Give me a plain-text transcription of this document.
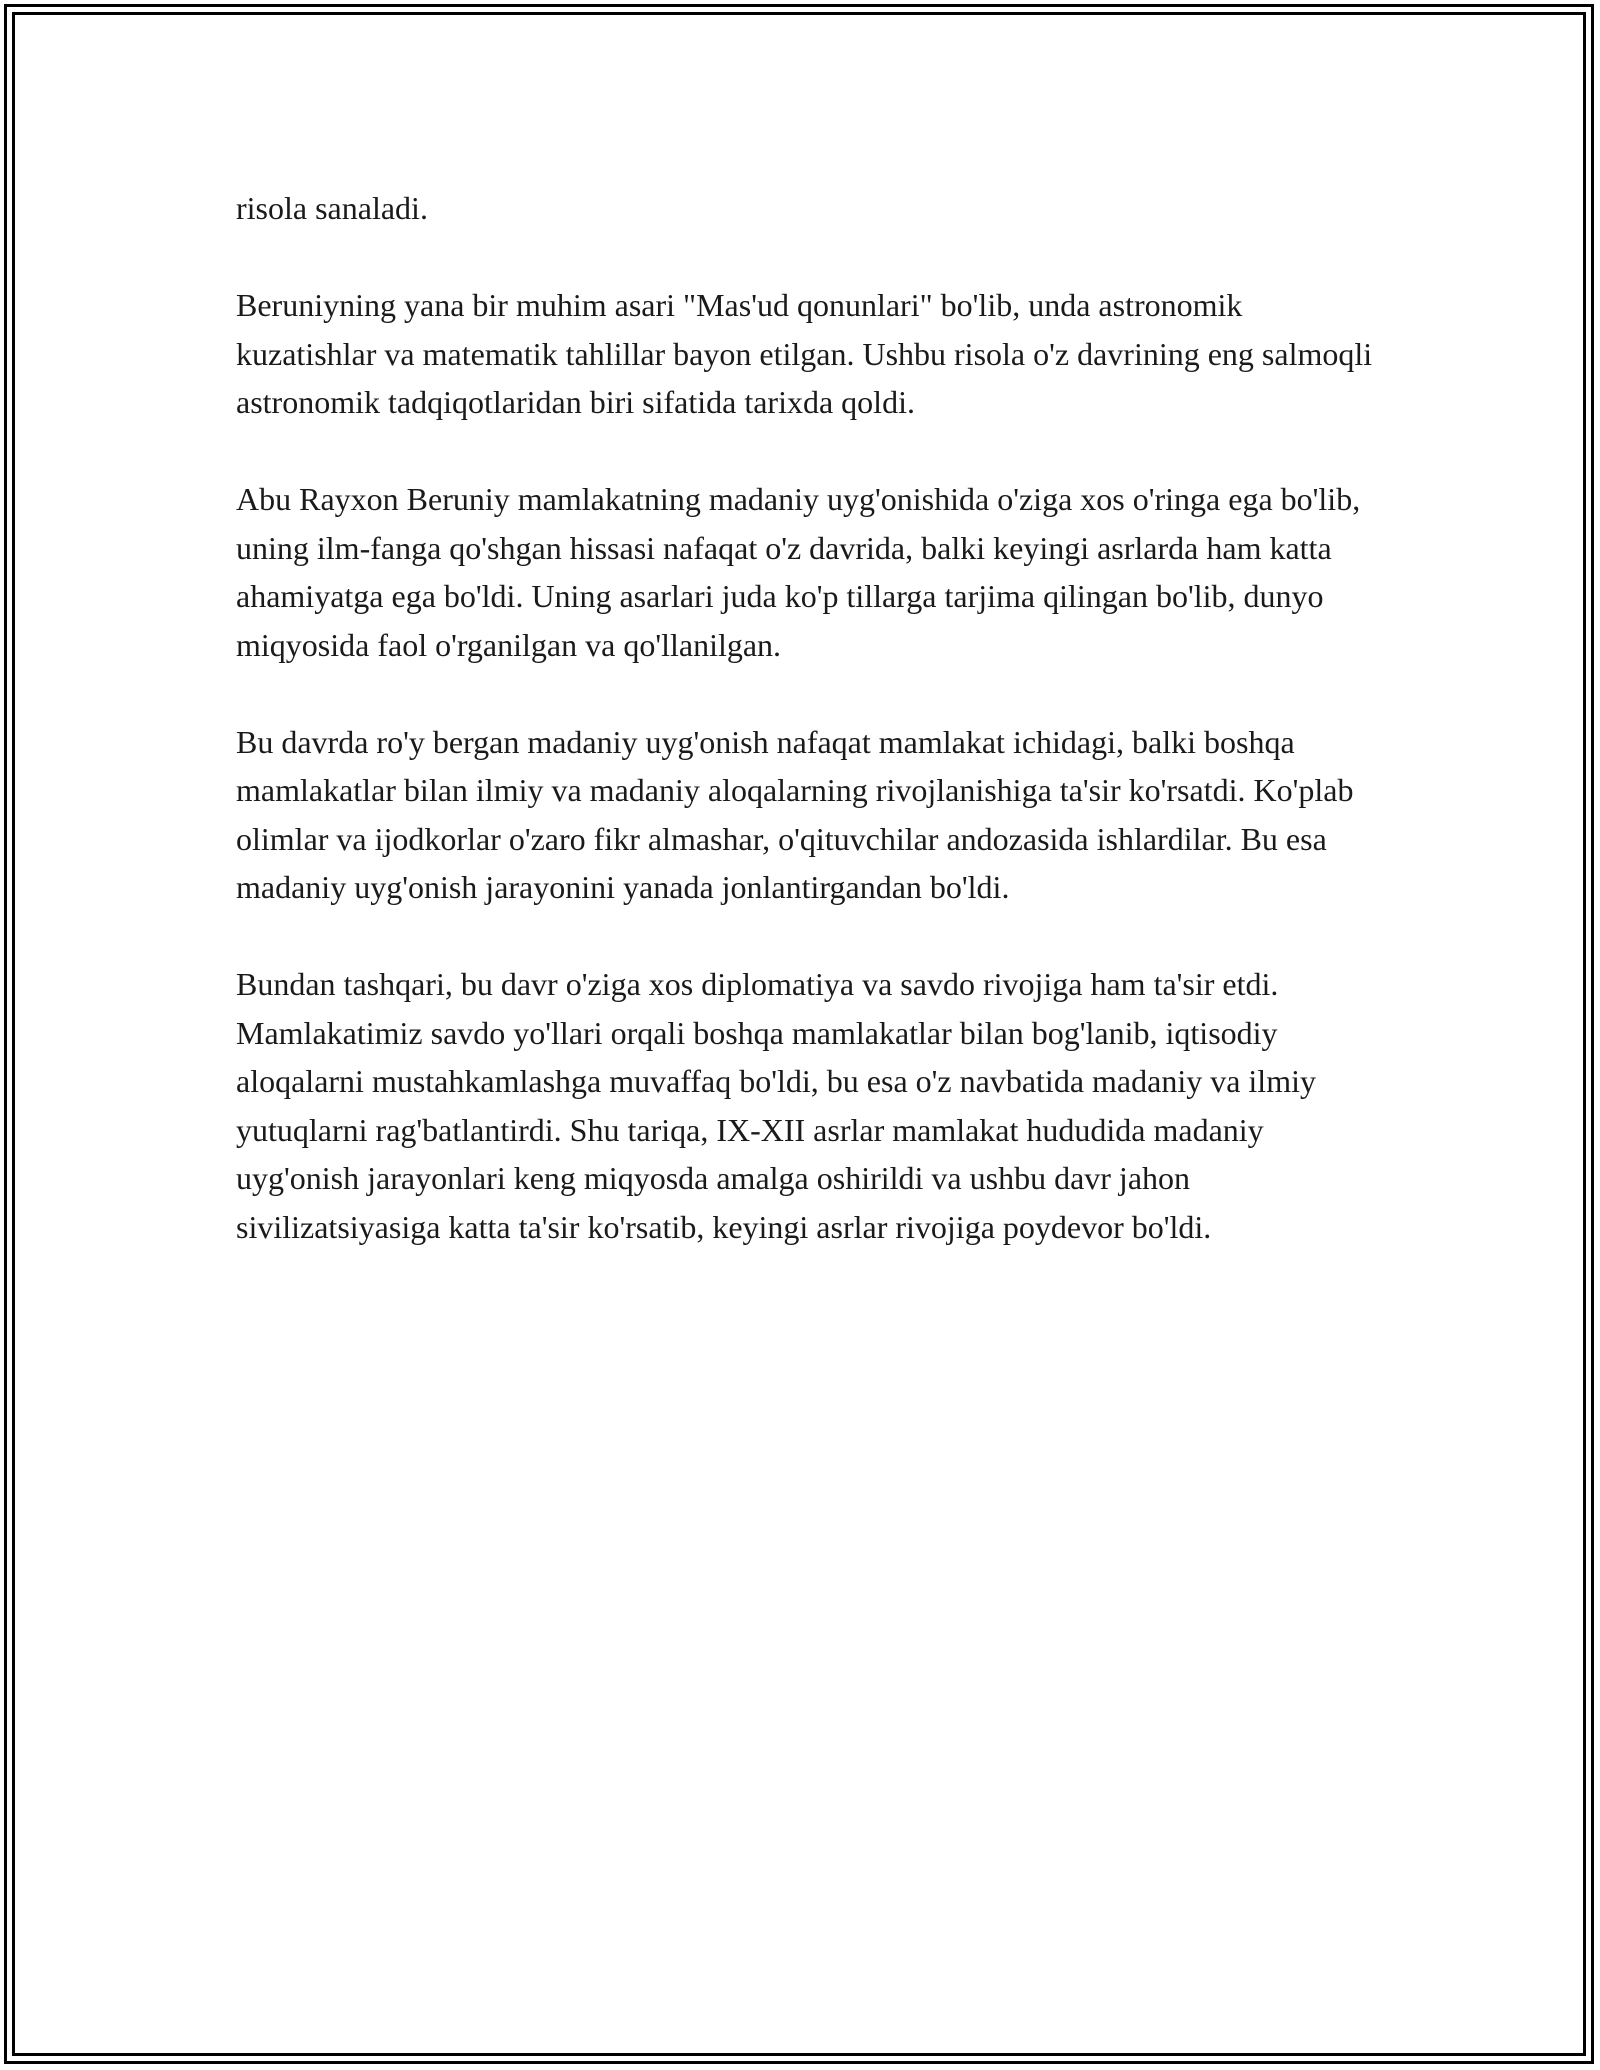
risola sanaladi.

Beruniyning yana bir muhim asari "Mas'ud qonunlari" bo'lib, unda astronomik kuzatishlar va matematik tahlillar bayon etilgan. Ushbu risola o'z davrining eng salmoqli astronomik tadqiqotlaridan biri sifatida tarixda qoldi.

Abu Rayxon Beruniy mamlakatning madaniy uyg'onishida o'ziga xos o'ringa ega bo'lib, uning ilm-fanga qo'shgan hissasi nafaqat o'z davrida, balki keyingi asrlarda ham katta ahamiyatga ega bo'ldi. Uning asarlari juda ko'p tillarga tarjima qilingan bo'lib, dunyo miqyosida faol o'rganilgan va qo'llanilgan.

Bu davrda ro'y bergan madaniy uyg'onish nafaqat mamlakat ichidagi, balki boshqa mamlakatlar bilan ilmiy va madaniy aloqalarning rivojlanishiga ta'sir ko'rsatdi. Ko'plab olimlar va ijodkorlar o'zaro fikr almashar, o'qituvchilar andozasida ishlardilar. Bu esa madaniy uyg'onish jarayonini yanada jonlantirgandan bo'ldi.

Bundan tashqari, bu davr o'ziga xos diplomatiya va savdo rivojiga ham ta'sir etdi. Mamlakatimiz savdo yo'llari orqali boshqa mamlakatlar bilan bog'lanib, iqtisodiy aloqalarni mustahkamlashga muvaffaq bo'ldi, bu esa o'z navbatida madaniy va ilmiy yutuqlarni rag'batlantirdi. Shu tariqa, IX-XII asrlar mamlakat hududida madaniy uyg'onish jarayonlari keng miqyosda amalga oshirildi va ushbu davr jahon sivilizatsiyasiga katta ta'sir ko'rsatib, keyingi asrlar rivojiga poydevor bo'ldi.
